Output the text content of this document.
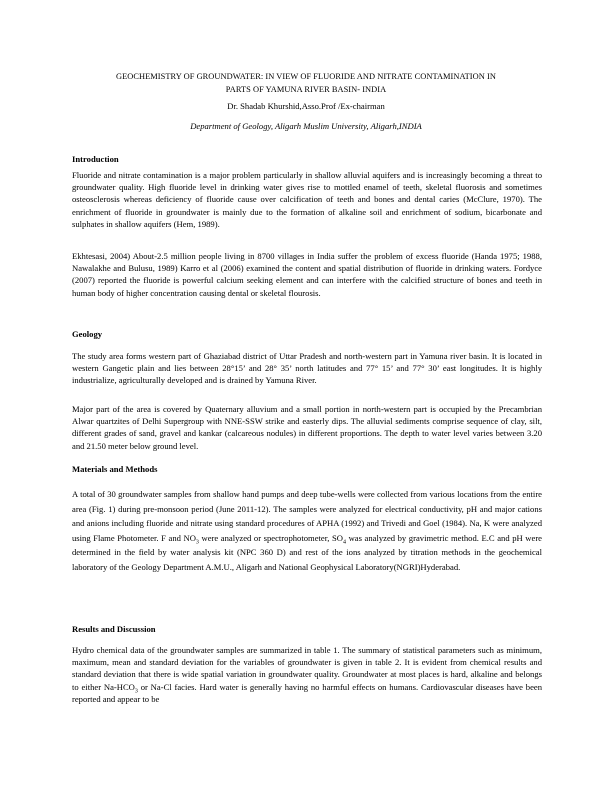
GEOCHEMISTRY OF GROUNDWATER: IN VIEW OF FLUORIDE AND NITRATE CONTAMINATION IN
PARTS OF YAMUNA RIVER BASIN- INDIA
Dr. Shadab Khurshid,Asso.Prof /Ex-chairman
Department of Geology, Aligarh Muslim University, Aligarh,INDIA
Introduction

Fluoride and nitrate contamination is a major problem particularly in shallow alluvial aquifers and is increasingly becoming a threat to groundwater quality. High fluoride level in drinking water gives rise to mottled enamel of teeth, skeletal fluorosis and sometimes osteosclerosis whereas deficiency of fluoride cause over calcification of teeth and bones and dental caries (McClure, 1970). The enrichment of fluoride in groundwater is mainly due to the formation of alkaline soil and enrichment of sodium, bicarbonate and sulphates in shallow aquifers (Hem, 1989).

Ekhtesasi, 2004) About-2.5 million people living in 8700 villages in India suffer the problem of excess fluoride (Handa 1975; 1988, Nawalakhe and Bulusu, 1989) Karro et al (2006) examined the content and spatial distribution of fluoride in drinking waters. Fordyce (2007) reported the fluoride is powerful calcium seeking element and can interfere with the calcified structure of bones and teeth in human body of higher concentration causing dental or skeletal flourosis.

Geology

The study area forms western part of Ghaziabad district of Uttar Pradesh and north-western part in Yamuna river basin. It is located in western Gangetic plain and lies between 28°15’ and 28° 35’ north latitudes and 77° 15’ and 77° 30’ east longitudes. It is highly industrialize, agriculturally developed and is drained by Yamuna River.

Major part of the area is covered by Quaternary alluvium and a small portion in north-western part is occupied by the Precambrian Alwar quartzites of Delhi Supergroup with NNE-SSW strike and easterly dips. The alluvial sediments comprise sequence of clay, silt, different grades of sand, gravel and kankar (calcareous nodules) in different proportions. The depth to water level varies between 3.20 and 21.50 meter below ground level.

Materials and Methods

A total of 30 groundwater samples from shallow hand pumps and deep tube-wells were collected from various locations from the entire area (Fig. 1) during pre-monsoon period (June 2011-12). The samples were analyzed for electrical conductivity, pH and major cations and anions including fluoride and nitrate using standard procedures of APHA (1992) and Trivedi and Goel (1984). Na, K were analyzed using Flame Photometer. F and $NO_3$ were analyzed or spectrophotometer, $SO_4$ was analyzed by gravimetric method. E.C and pH were determined in the field by water analysis kit (NPC 360 D) and rest of the ions analyzed by titration methods in the geochemical laboratory of the Geology Department A.M.U., Aligarh and National Geophysical Laboratory(NGRI)Hyderabad.

Results and Discussion

Hydro chemical data of the groundwater samples are summarized in table 1. The summary of statistical parameters such as minimum, maximum, mean and standard deviation for the variables of groundwater is given in table 2. It is evident from chemical results and standard deviation that there is wide spatial variation in groundwater quality. Groundwater at most places is hard, alkaline and belongs to either $Na-HCO_3$ or Na-Cl facies. Hard water is generally having no harmful effects on humans. Cardiovascular diseases have been reported and appear to be
